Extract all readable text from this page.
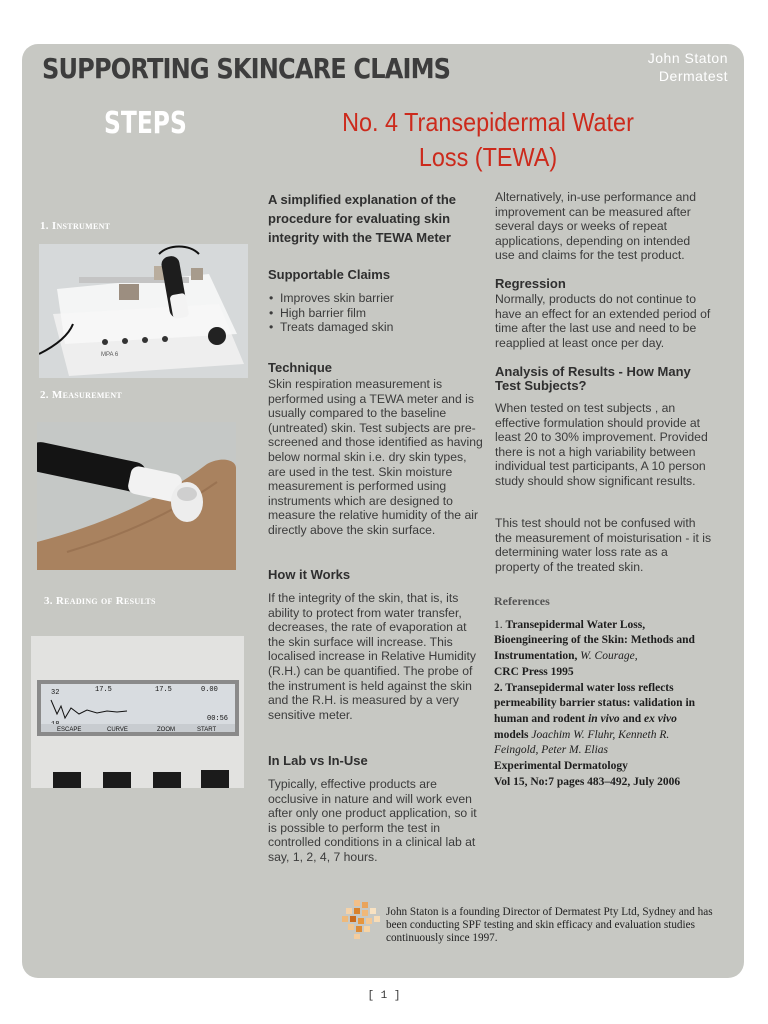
SUPPORTING SKINCARE CLAIMS	John Staton
Dermatest
STEPS	No. 4 Transepidermal Water Loss (TEWA)
1. Instrument
MPA 6
2. Measurement
3. Reading of Results
32	17.5	17.5	0.00
00:56
ESCAPE	CURVE	ZOOM	START
A simplified explanation of the procedure for evaluating skin integrity with the TEWA Meter
Supportable Claims
• Improves skin barrier
• High barrier film
• Treats damaged skin
Technique
Skin respiration measurement is performed using a TEWA meter and is usually compared to the baseline (untreated) skin. Test subjects are pre-screened and those identified as having below normal skin i.e. dry skin types, are used in the test. Skin moisture measurement is performed using instruments which are designed to measure the relative humidity of the air directly above the skin surface.
How it Works
If the integrity of the skin, that is, its ability to protect from water transfer, decreases, the rate of evaporation at the skin surface will increase. This localised increase in Relative Humidity (R.H.) can be quantified. The probe of the instrument is held against the skin and the R.H. is measured by a very sensitive meter.
In Lab vs In-Use
Typically, effective products are occlusive in nature and will work even after only one product application, so it is possible to perform the test in controlled conditions in a clinical lab at say, 1, 2, 4, 7 hours.
Alternatively, in-use performance and improvement can be measured after several days or weeks of repeat applications, depending on intended use and claims for the test product.
Regression
Normally, products do not continue to have an effect for an extended period of time after the last use and need to be reapplied at least once per day.
Analysis of Results - How Many Test Subjects?
When tested on test subjects , an effective formulation should provide at least 20 to 30% improvement. Provided there is not a high variability between individual test participants, A 10 person study should show significant results.
This test should not be confused with the measurement of moisturisation - it is determining water loss rate as a property of the treated skin.
References
1. Transepidermal Water Loss, Bioengineering of the Skin: Methods and Instrumentation, W. Courage,
CRC Press 1995
2. Transepidermal water loss reflects permeability barrier status: validation in human and rodent in vivo and ex vivo models Joachim W. Fluhr, Kenneth R. Feingold, Peter M. Elias
Experimental Dermatology
Vol 15, No:7 pages 483–492, July 2006
John Staton is a founding Director of Dermatest Pty Ltd, Sydney and has been conducting SPF testing and skin efficacy and evaluation studies continuously since 1997.
[ 1 ]
